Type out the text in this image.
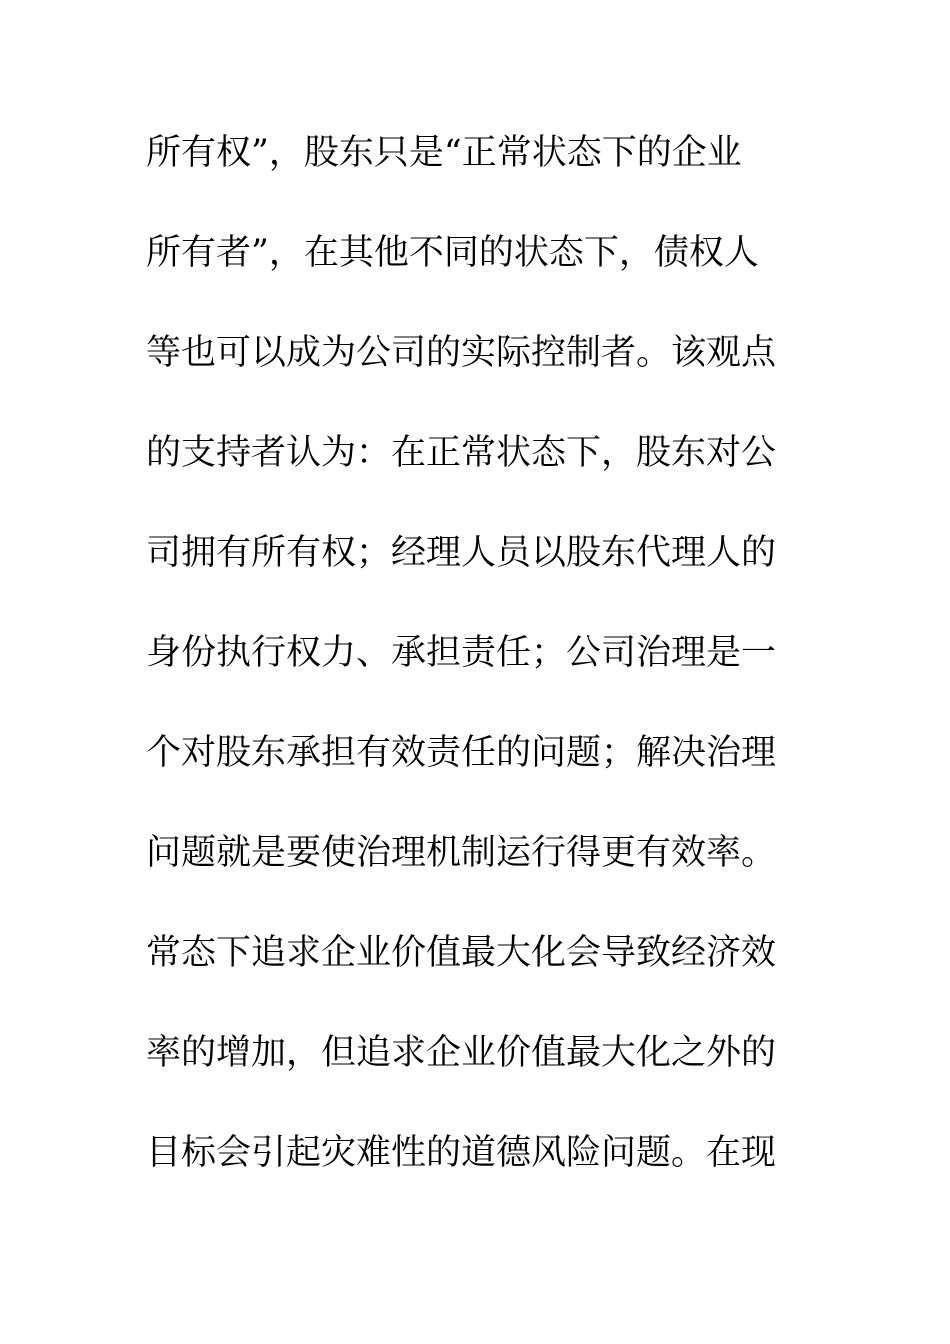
所有权”，股东只是“正常状态下的企业
所有者”，在其他不同的状态下，债权人
等也可以成为公司的实际控制者。该观点
的支持者认为：在正常状态下，股东对公
司拥有所有权；经理人员以股东代理人的
身份执行权力、承担责任；公司治理是一
个对股东承担有效责任的问题；解决治理
问题就是要使治理机制运行得更有效率。
常态下追求企业价值最大化会导致经济效
率的增加，但追求企业价值最大化之外的
目标会引起灾难性的道德风险问题。在现
